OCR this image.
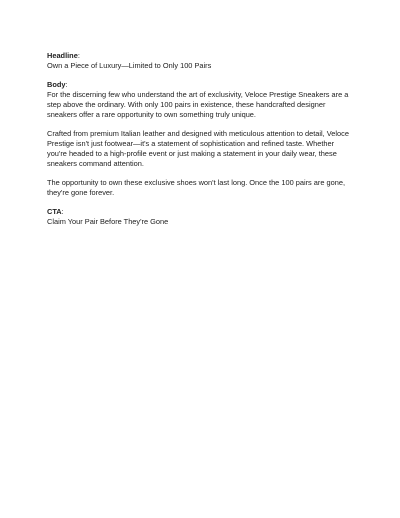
Headline:

Own a Piece of Luxury—Limited to Only 100 Pairs

Body:

For the discerning few who understand the art of exclusivity, Veloce Prestige Sneakers are a step above the ordinary. With only 100 pairs in existence, these handcrafted designer sneakers offer a rare opportunity to own something truly unique.

Crafted from premium Italian leather and designed with meticulous attention to detail, Veloce Prestige isn't just footwear—it's a statement of sophistication and refined taste. Whether you're headed to a high-profile event or just making a statement in your daily wear, these sneakers command attention.

The opportunity to own these exclusive shoes won't last long. Once the 100 pairs are gone, they're gone forever.

CTA:

Claim Your Pair Before They're Gone
